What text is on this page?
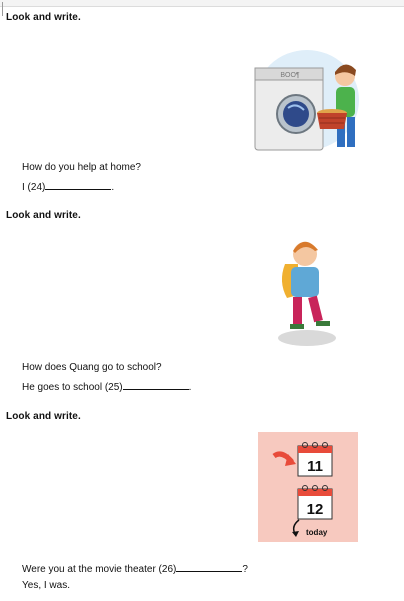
Look and write.
BOO¶
How do you help at home?
I (24)	.
Look and write.
How does Quang go to school?
He goes to school (25)	.
Look and write.
11
12
today
Were you at the movie theater (26)	?
Yes, I was.
